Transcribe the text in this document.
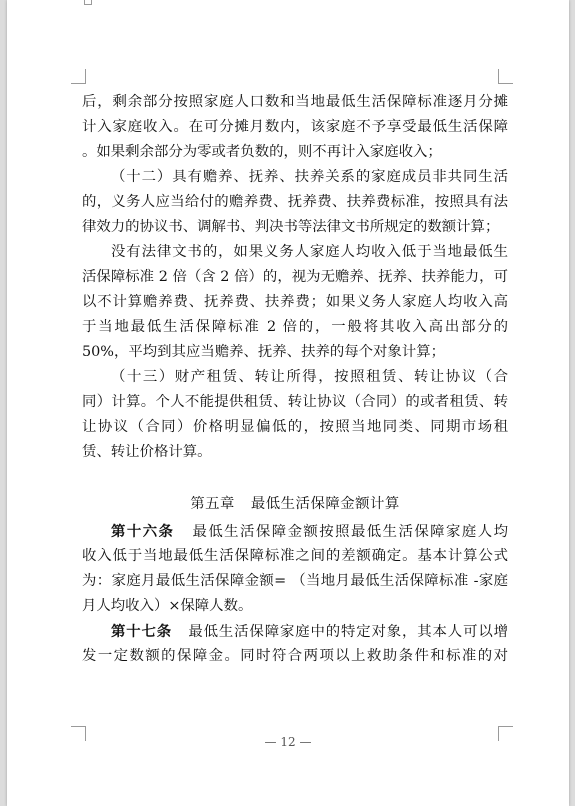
后，剩余部分按照家庭人口数和当地最低生活保障标准逐月分摊
计入家庭收入。在可分摊月数内，该家庭不予享受最低生活保障
。如果剩余部分为零或者负数的，则不再计入家庭收入；
（十二）具有赡养、抚养、扶养关系的家庭成员非共同生活
的，义务人应当给付的赡养费、抚养费、扶养费标准，按照具有法
律效力的协议书、调解书、判决书等法律文书所规定的数额计算；
没有法律文书的，如果义务人家庭人均收入低于当地最低生
活保障标准 2 倍（含 2 倍）的，视为无赡养、抚养、扶养能力，可
以不计算赡养费、抚养费、扶养费；如果义务人家庭人均收入高
于当地最低生活保障标准 2 倍的，一般将其收入高出部分的
50%，平均到其应当赡养、抚养、扶养的每个对象计算；
（十三）财产租赁、转让所得，按照租赁、转让协议（合
同）计算。个人不能提供租赁、转让协议（合同）的或者租赁、转
让协议（合同）价格明显偏低的，按照当地同类、同期市场租
赁、转让价格计算。
第五章 最低生活保障金额计算
第十六条 最低生活保障金额按照最低生活保障家庭人均
收入低于当地最低生活保障标准之间的差额确定。基本计算公式
为：家庭月最低生活保障金额= （当地月最低生活保障标准 -家庭
月人均收入）×保障人数。
第十七条 最低生活保障家庭中的特定对象，其本人可以增
发一定数额的保障金。同时符合两项以上救助条件和标准的对
— 12 —
